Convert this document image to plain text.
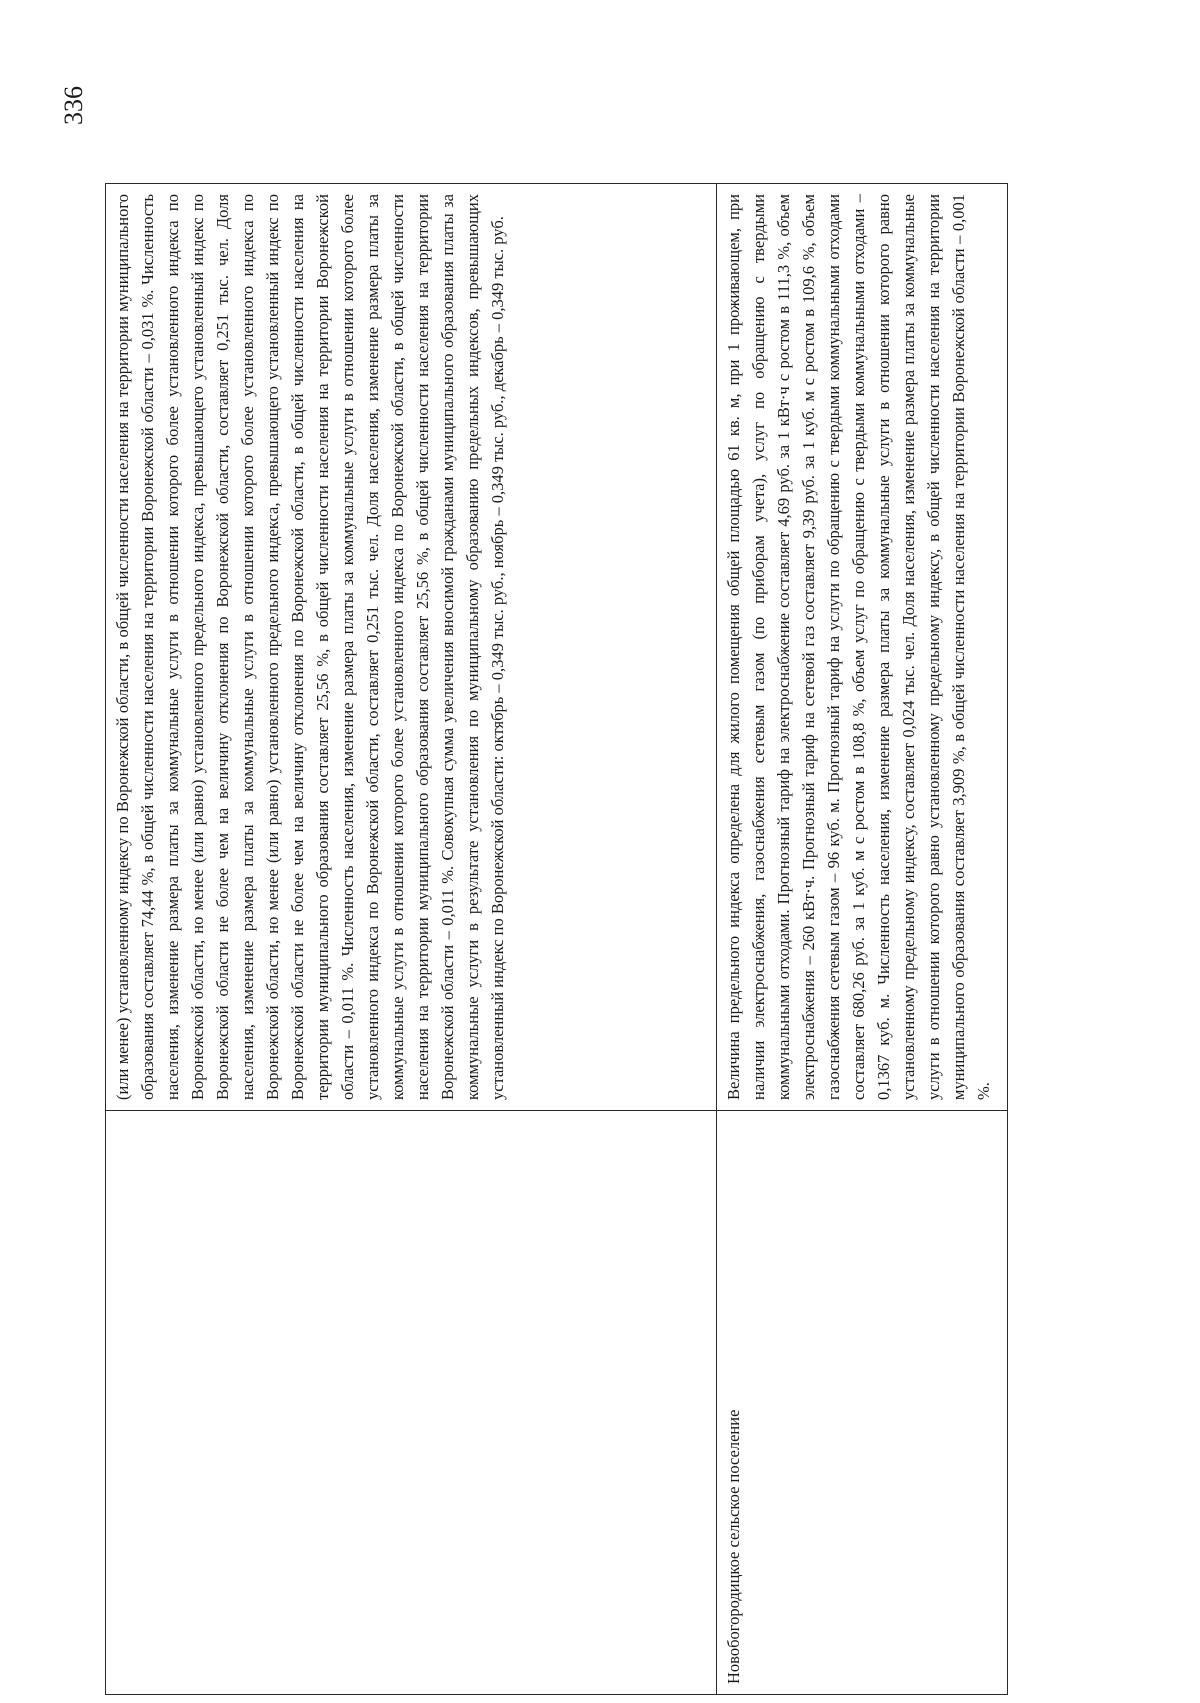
336
	(или менее) установленному индексу по Воронежской области, в общей численности населения на территории муниципального образования составляет 74,44 %, в общей численности населения на территории Воронежской области – 0,031 %. Численность населения, изменение размера платы за коммунальные услуги в отношении которого более установленного индекса по Воронежской области, но менее (или равно) установленного предельного индекса, превышающего установленный индекс по Воронежской области не более чем на величину отклонения по Воронежской области, составляет 0,251 тыс. чел. Доля населения, изменение размера платы за коммунальные услуги в отношении которого более установленного индекса по Воронежской области, но менее (или равно) установленного предельного индекса, превышающего установленный индекс по Воронежской области не более чем на величину отклонения по Воронежской области, в общей численности населения на территории муниципального образования составляет 25,56 %, в общей численности населения на территории Воронежской области – 0,011 %. Численность населения, изменение размера платы за коммунальные услуги в отношении которого более установленного индекса по Воронежской области, составляет 0,251 тыс. чел. Доля населения, изменение размера платы за коммунальные услуги в отношении которого более установленного индекса по Воронежской области, в общей численности населения на территории муниципального образования составляет 25,56 %, в общей численности населения на территории Воронежской области – 0,011 %. Совокупная сумма увеличения вносимой гражданами муниципального образования платы за коммунальные услуги в результате установления по муниципальному образованию предельных индексов, превышающих установленный индекс по Воронежской области: октябрь – 0,349 тыс. руб., ноябрь – 0,349 тыс. руб., декабрь – 0,349 тыс. руб.
Новобогородицкое сельское поселение	Величина предельного индекса определена для жилого помещения общей площадью 61 кв. м, при 1 проживающем, при наличии электроснабжения, газоснабжения сетевым газом (по приборам учета), услуг по обращению с твердыми коммунальными отходами. Прогнозный тариф на электроснабжение составляет 4,69 руб. за 1 кВт·ч с ростом в 111,3 %, объем электроснабжения – 260 кВт·ч. Прогнозный тариф на сетевой газ составляет 9,39 руб. за 1 куб. м с ростом в 109,6 %, объем газоснабжения сетевым газом – 96 куб. м. Прогнозный тариф на услуги по обращению с твердыми коммунальными отходами составляет 680,26 руб. за 1 куб. м с ростом в 108,8 %, объем услуг по обращению с твердыми коммунальными отходами – 0,1367 куб. м. Численность населения, изменение размера платы за коммунальные услуги в отношении которого равно установленному предельному индексу, составляет 0,024 тыс. чел. Доля населения, изменение размера платы за коммунальные услуги в отношении которого равно установленному предельному индексу, в общей численности населения на территории муниципального образования составляет 3,909 %, в общей численности населения на территории Воронежской области – 0,001 %.
